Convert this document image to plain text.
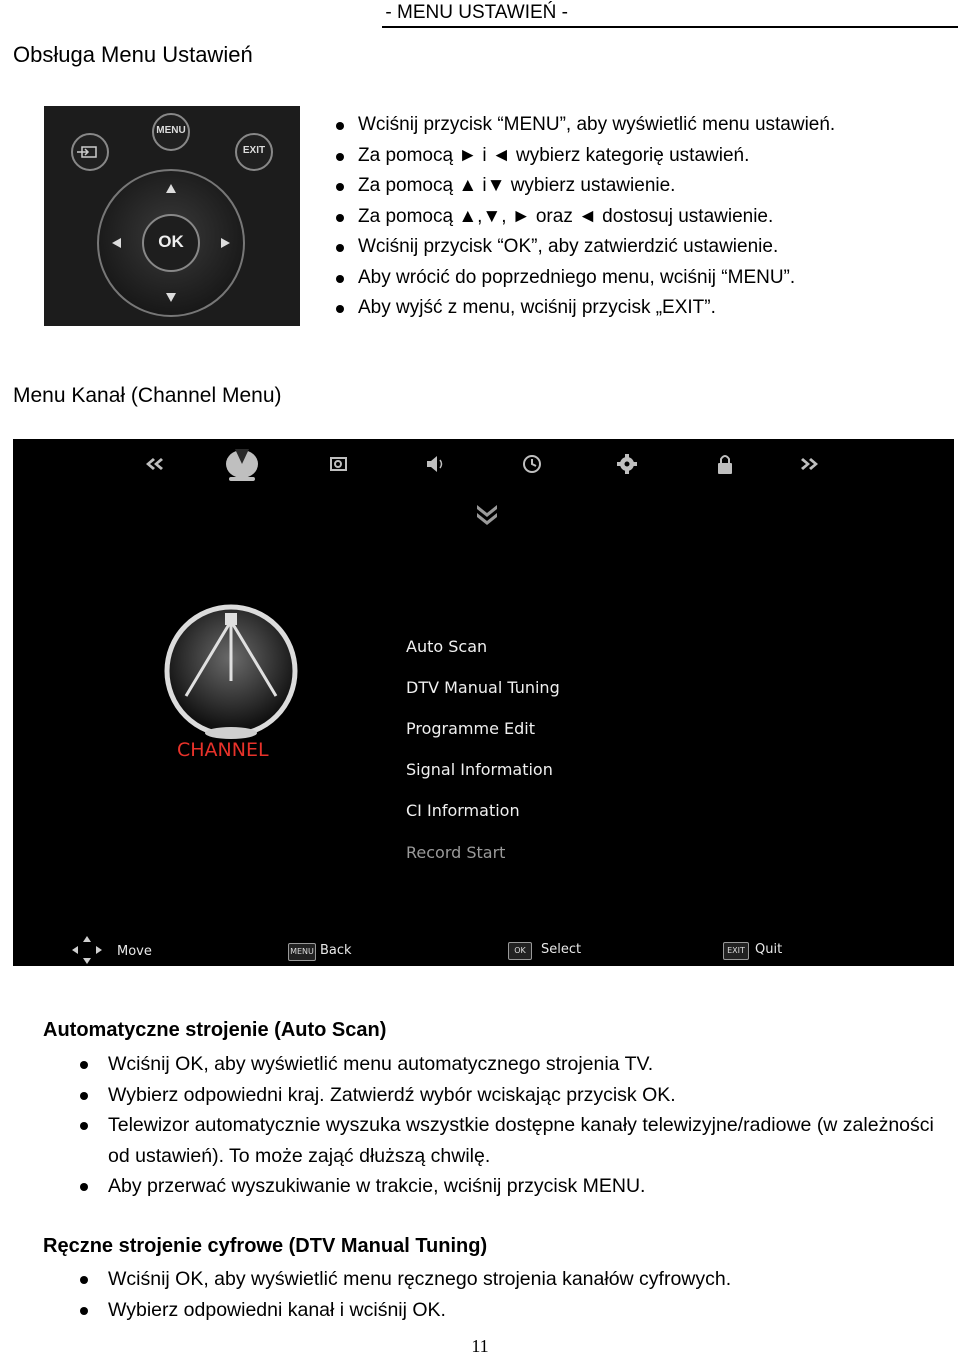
- MENU USTAWIEŃ -
Obsługa Menu Ustawień
MENU
EXIT
OK
Wciśnij przycisk “MENU”, aby wyświetlić menu ustawień.
Za pomocą ► i ◄ wybierz kategorię ustawień.
Za pomocą ▲ i▼ wybierz ustawienie.
Za pomocą ▲,▼, ► oraz ◄ dostosuj ustawienie.
Wciśnij przycisk “OK”, aby zatwierdzić ustawienie.
Aby wrócić do poprzedniego menu, wciśnij “MENU”.
Aby wyjść z menu, wciśnij przycisk „EXIT”.
Menu Kanał (Channel Menu)
CHANNEL
Auto Scan
DTV Manual Tuning
Programme Edit
Signal Information
CI Information
Record Start
Move	MENU Back	OK	Select	EXIT Quit
Automatyczne strojenie (Auto Scan)
Wciśnij OK, aby wyświetlić menu automatycznego strojenia TV.
Wybierz odpowiedni kraj. Zatwierdź wybór wciskając przycisk OK.
Telewizor automatycznie wyszuka wszystkie dostępne kanały telewizyjne/radiowe (w zależności od ustawień). To może zająć dłuższą chwilę.
Aby przerwać wyszukiwanie w trakcie, wciśnij przycisk MENU.
Ręczne strojenie cyfrowe (DTV Manual Tuning)
Wciśnij OK, aby wyświetlić menu ręcznego strojenia kanałów cyfrowych.
Wybierz odpowiedni kanał i wciśnij OK.
11
